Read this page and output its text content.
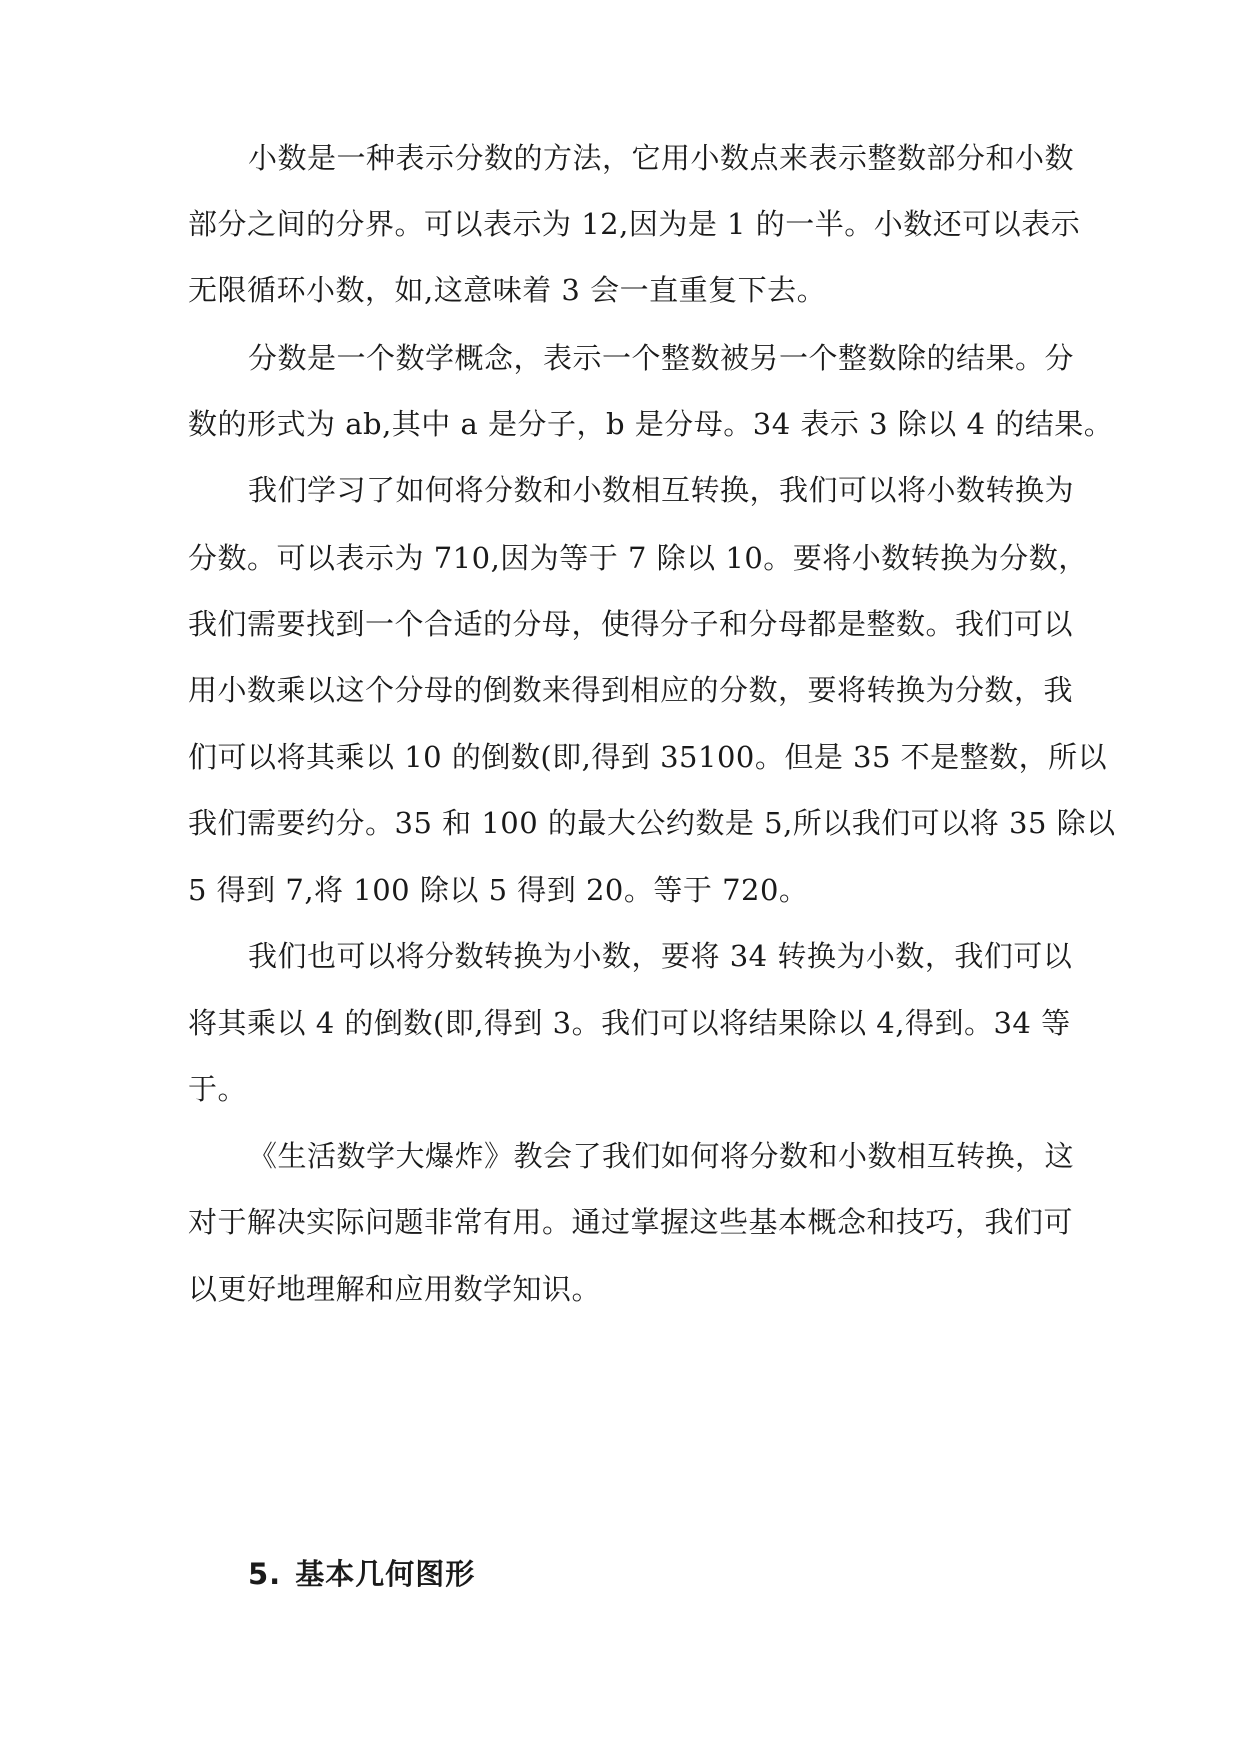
小数是一种表示分数的方法，它用小数点来表示整数部分和小数
部分之间的分界。可以表示为 12,因为是 1 的一半。小数还可以表示
无限循环小数，如,这意味着 3 会一直重复下去。
分数是一个数学概念，表示一个整数被另一个整数除的结果。分
数的形式为 ab,其中 a 是分子，b 是分母。34 表示 3 除以 4 的结果。
我们学习了如何将分数和小数相互转换，我们可以将小数转换为
分数。可以表示为 710,因为等于 7 除以 10。要将小数转换为分数，
我们需要找到一个合适的分母，使得分子和分母都是整数。我们可以
用小数乘以这个分母的倒数来得到相应的分数，要将转换为分数，我
们可以将其乘以 10 的倒数(即,得到 35100。但是 35 不是整数，所以
我们需要约分。35 和 100 的最大公约数是 5,所以我们可以将 35 除以
5 得到 7,将 100 除以 5 得到 20。等于 720。
我们也可以将分数转换为小数，要将 34 转换为小数，我们可以
将其乘以 4 的倒数(即,得到 3。我们可以将结果除以 4,得到。34 等
于。
《生活数学大爆炸》教会了我们如何将分数和小数相互转换，这
对于解决实际问题非常有用。通过掌握这些基本概念和技巧，我们可
以更好地理解和应用数学知识。
5. 基本几何图形
